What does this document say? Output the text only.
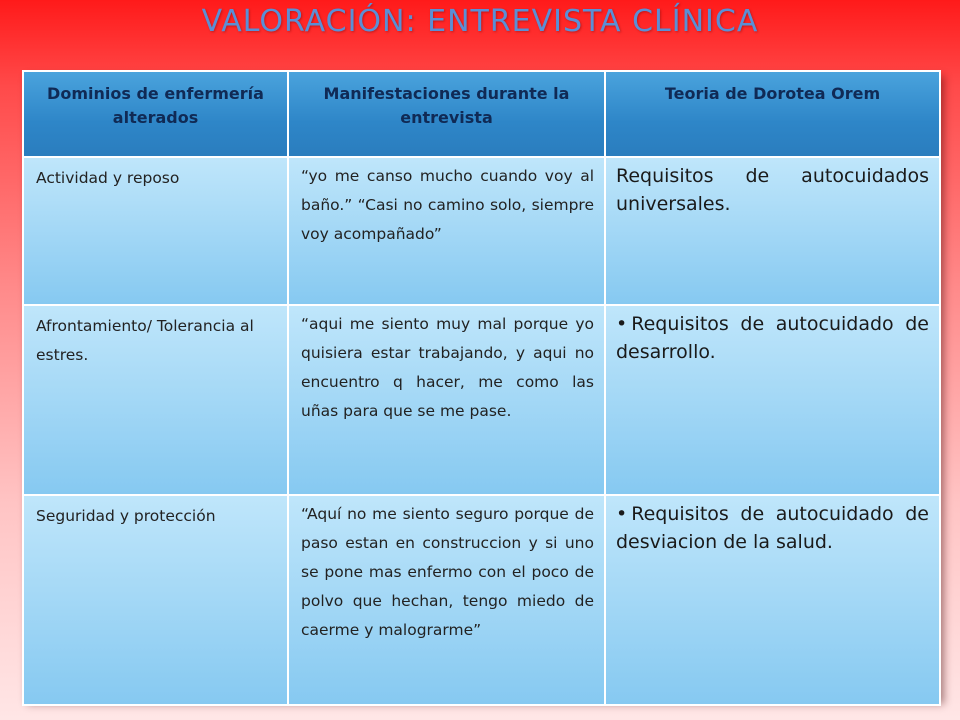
VALORACIÓN: ENTREVISTA CLÍNICA
Dominios de enfermería alterados	Manifestaciones durante la entrevista	Teoria de Dorotea Orem
Actividad y reposo	“yo me canso mucho cuando voy al baño.” “Casi no camino solo, siempre voy acompañado”	Requisitos de autocuidados universales.
Afrontamiento/ Tolerancia al estres.	“aqui me siento muy mal porque yo quisiera estar trabajando, y aqui no encuentro q hacer, me como las uñas para que se me pase.	• Requisitos de autocuidado de desarrollo.
Seguridad y protección	“Aquí no me siento seguro porque de paso estan en construccion y si uno se pone mas enfermo con el poco de polvo que hechan, tengo miedo de caerme y malograrme”	• Requisitos de autocuidado de desviacion de la salud.
